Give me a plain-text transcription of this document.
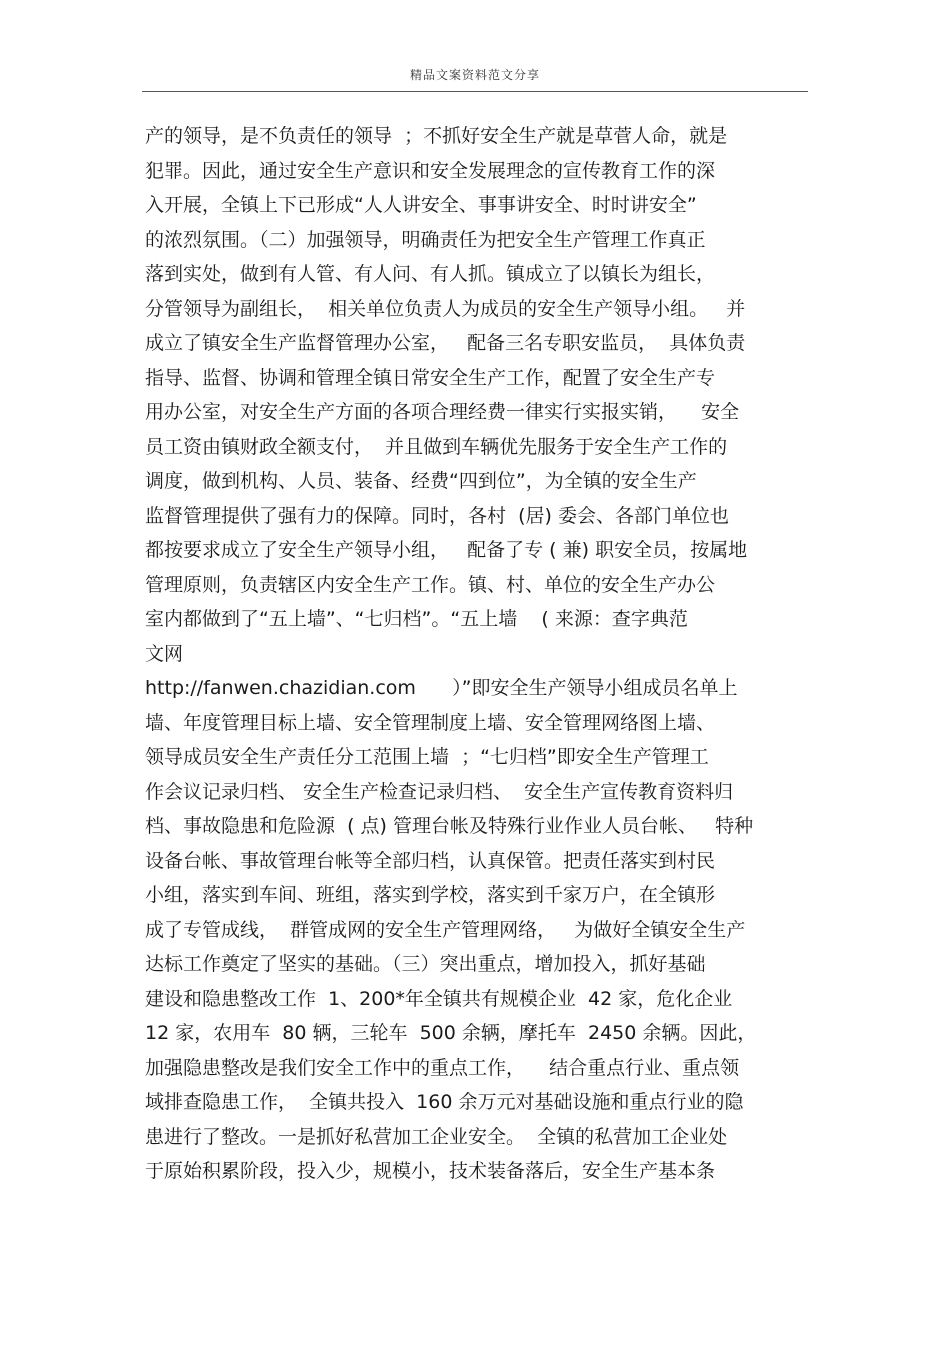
精品文案资料范文分享
产的领导，是不负责任的领导  ；不抓好安全生产就是草菅人命，就是
犯罪。因此，通过安全生产意识和安全发展理念的宣传教育工作的深
入开展，全镇上下已形成“人人讲安全、事事讲安全、时时讲安全”
的浓烈氛围。（二）加强领导，明确责任为把安全生产管理工作真正
落到实处，做到有人管、有人问、有人抓。镇成立了以镇长为组长，
分管领导为副组长，  相关单位负责人为成员的安全生产领导小组。   并
成立了镇安全生产监督管理办公室，   配备三名专职安监员，  具体负责
指导、监督、协调和管理全镇日常安全生产工作，配置了安全生产专
用办公室，对安全生产方面的各项合理经费一律实行实报实销，    安全
员工资由镇财政全额支付，  并且做到车辆优先服务于安全生产工作的
调度，做到机构、人员、装备、经费“四到位”，为全镇的安全生产
监督管理提供了强有力的保障。同时，各村  (居) 委会、各部门单位也
都按要求成立了安全生产领导小组，   配备了专 ( 兼) 职安全员，按属地
管理原则，负责辖区内安全生产工作。镇、村、单位的安全生产办公
室内都做到了“五上墙”、“七归档”。“五上墙    ( 来源：查字典范
文网
http://fanwen.chazidian.com      ）”即安全生产领导小组成员名单上
墙、年度管理目标上墙、安全管理制度上墙、安全管理网络图上墙、
领导成员安全生产责任分工范围上墙  ；“七归档”即安全生产管理工
作会议记录归档、 安全生产检查记录归档、  安全生产宣传教育资料归
档、事故隐患和危险源  ( 点) 管理台帐及特殊行业作业人员台帐、   特种
设备台帐、事故管理台帐等全部归档，认真保管。把责任落实到村民
小组，落实到车间、班组，落实到学校，落实到千家万户，在全镇形
成了专管成线，  群管成网的安全生产管理网络，   为做好全镇安全生产
达标工作奠定了坚实的基础。（三）突出重点，增加投入，抓好基础
建设和隐患整改工作  1、200*年全镇共有规模企业  42 家，危化企业
12 家，农用车  80 辆，三轮车  500 余辆，摩托车  2450 余辆。因此，
加强隐患整改是我们安全工作中的重点工作，    结合重点行业、重点领
域排查隐患工作，  全镇共投入  160 余万元对基础设施和重点行业的隐
患进行了整改。一是抓好私营加工企业安全。  全镇的私营加工企业处
于原始积累阶段，投入少，规模小，技术装备落后，安全生产基本条
